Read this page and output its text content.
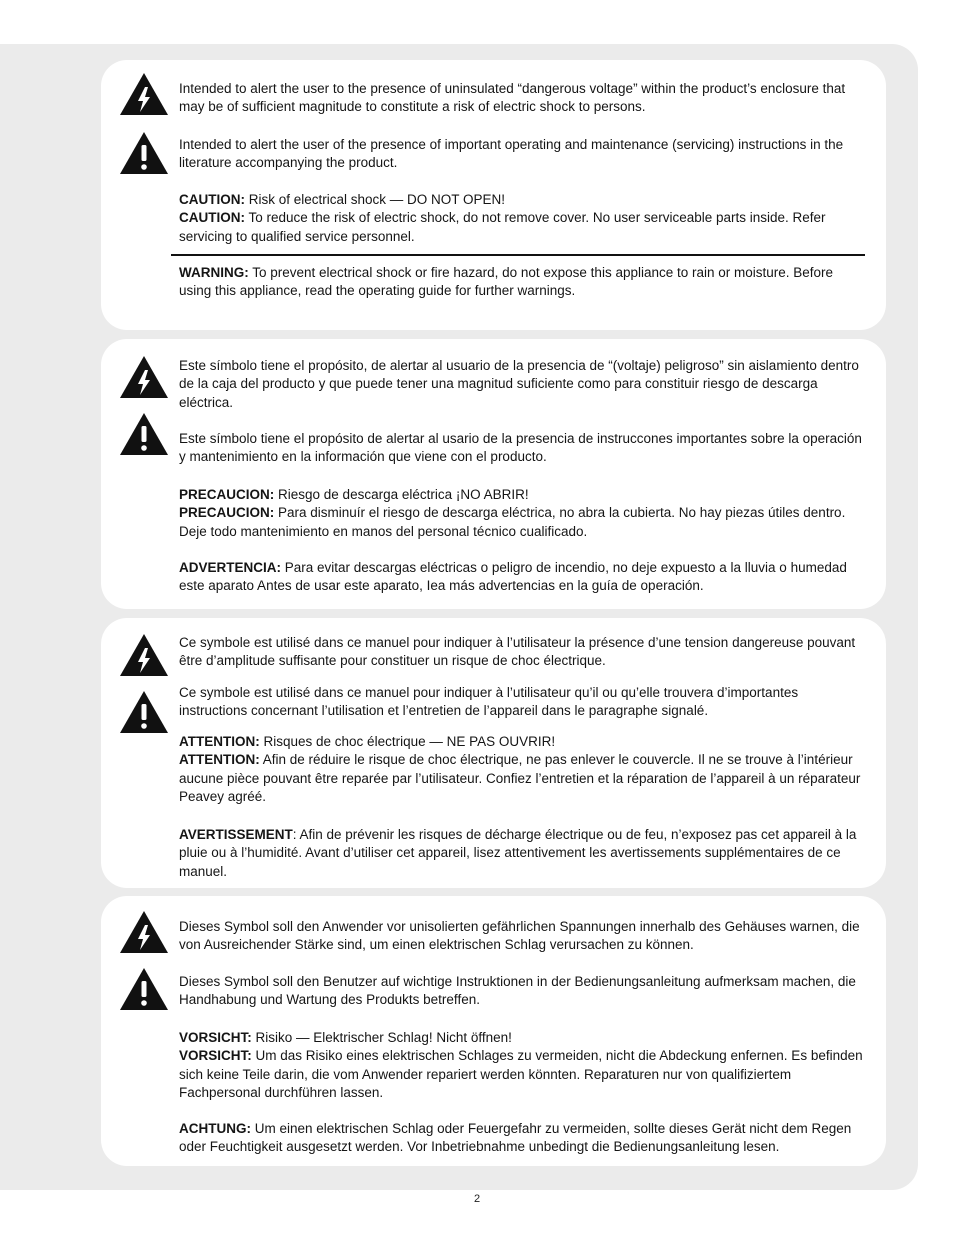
Intended to alert the user to the presence of uninsulated “dangerous voltage” within the product’s enclosure that may be of sufficient magnitude to constitute a risk of electric shock to persons.

Intended to alert the user of the presence of important operating and maintenance (servicing) instructions in the literature accompanying the product.

CAUTION: Risk of electrical shock — DO NOT OPEN!
CAUTION: To reduce the risk of electric shock, do not remove cover. No user serviceable parts inside. Refer servicing to qualified service personnel.

WARNING: To prevent electrical shock or fire hazard, do not expose this appliance to rain or moisture. Before using this appliance, read the operating guide for further warnings.

Este símbolo tiene el propósito, de alertar al usuario de la presencia de “(voltaje) peligroso” sin aislamiento dentro de la caja del producto y que puede tener una magnitud suficiente como para constituir riesgo de descarga eléctrica.

Este símbolo tiene el propósito de alertar al usario de la presencia de instruccones importantes sobre la operación y mantenimiento en la información que viene con el producto.

PRECAUCION: Riesgo de descarga eléctrica ¡NO ABRIR!
PRECAUCION: Para disminuír el riesgo de descarga eléctrica, no abra la cubierta. No hay piezas útiles dentro. Deje todo mantenimiento en manos del personal técnico cualificado.

ADVERTENCIA: Para evitar descargas eléctricas o peligro de incendio, no deje expuesto a la lluvia o humedad este aparato Antes de usar este aparato, Iea más advertencias en la guía de operación.

Ce symbole est utilisé dans ce manuel pour indiquer à l’utilisateur la présence d’une tension dangereuse pouvant être d’amplitude suffisante pour constituer un risque de choc électrique.

Ce symbole est utilisé dans ce manuel pour indiquer à l’utilisateur qu’il ou qu’elle trouvera d’importantes instructions concernant l’utilisation et l’entretien de l’appareil dans le paragraphe signalé.

ATTENTION: Risques de choc électrique — NE PAS OUVRIR!
ATTENTION: Afin de réduire le risque de choc électrique, ne pas enlever le couvercle. Il ne se trouve à l’intérieur aucune pièce pouvant être reparée par l’utilisateur. Confiez l’entretien et la réparation de l’appareil à un réparateur Peavey agréé.

AVERTISSEMENT: Afin de prévenir les risques de décharge électrique ou de feu, n’exposez pas cet appareil à la pluie ou à l’humidité. Avant d’utiliser cet appareil, lisez attentivement les avertissements supplémentaires de ce manuel.

Dieses Symbol soll den Anwender vor unisolierten gefährlichen Spannungen innerhalb des Gehäuses warnen, die von Ausreichender Stärke sind, um einen elektrischen Schlag verursachen zu können.

Dieses Symbol soll den Benutzer auf wichtige Instruktionen in der Bedienungsanleitung aufmerksam machen, die Handhabung und Wartung des Produkts betreffen.

VORSICHT: Risiko — Elektrischer Schlag! Nicht öffnen!
VORSICHT: Um das Risiko eines elektrischen Schlages zu vermeiden, nicht die Abdeckung enfernen. Es befinden sich keine Teile darin, die vom Anwender repariert werden könnten. Reparaturen nur von qualifiziertem Fachpersonal durchführen lassen.

ACHTUNG: Um einen elektrischen Schlag oder Feuergefahr zu vermeiden, sollte dieses Gerät nicht dem Regen oder Feuchtigkeit ausgesetzt werden. Vor Inbetriebnahme unbedingt die Bedienungsanleitung lesen.

2
